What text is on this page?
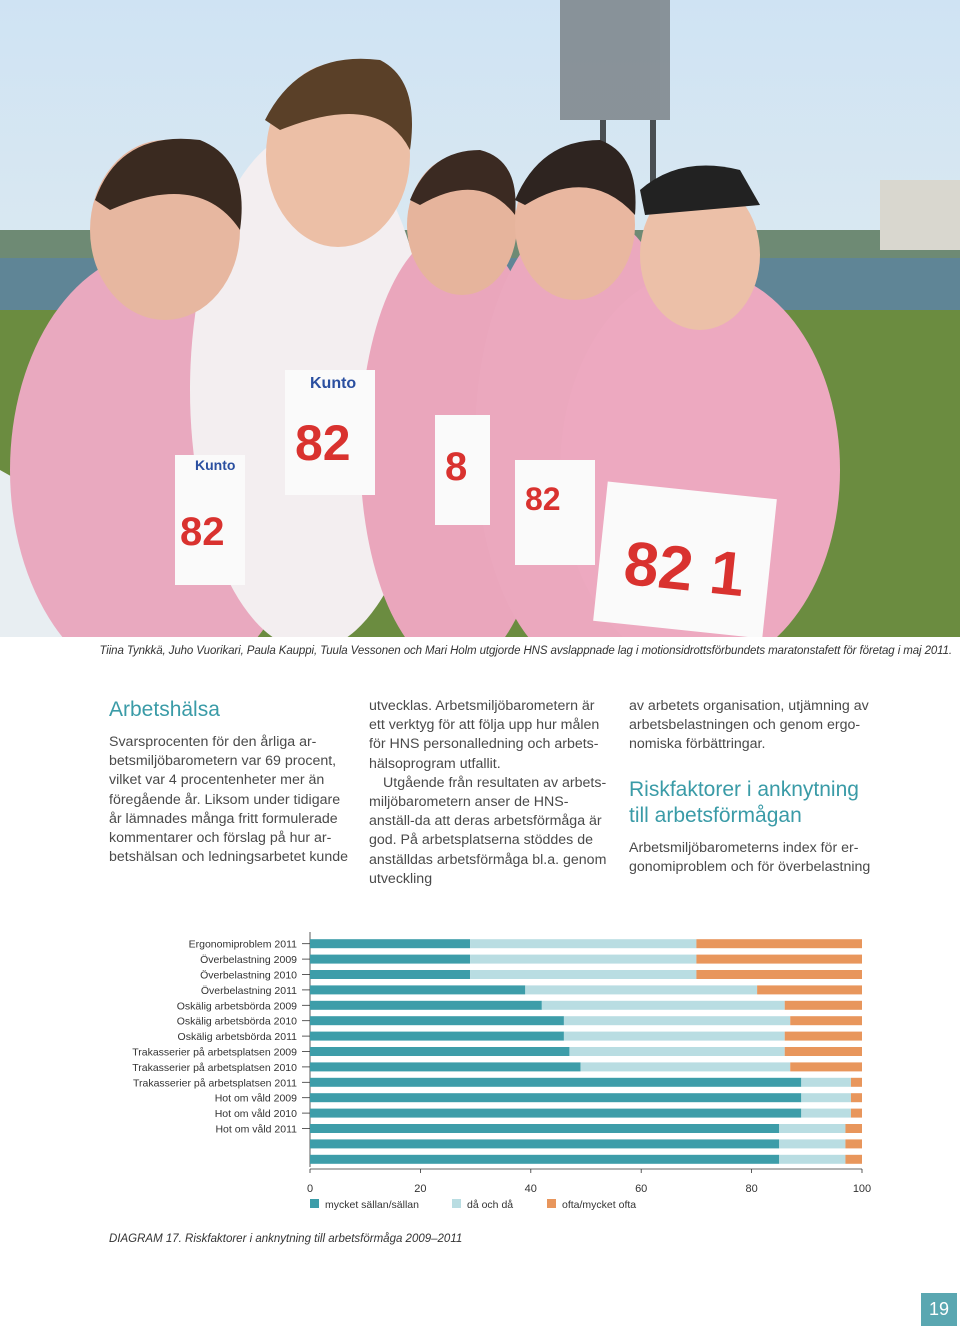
Kunto
82
Kunto
82 8
82
82 1
Tiina Tynkkä, Juho Vuorikari, Paula Kauppi, Tuula Vessonen och Mari Holm utgjorde HNS avslappnade lag i motionsidrottsförbundets maratonstafett för företag i maj 2011.
Arbetshälsa

Svarsprocenten för den årliga ar-betsmiljöbarometern var 69 procent, vilket var 4 procentenheter mer än föregående år. Liksom under tidigare år lämnades många fritt formulerade kommentarer och förslag på hur ar-betshälsan och ledningsarbetet kunde

utvecklas. Arbetsmiljöbarometern är ett verktyg för att följa upp hur målen för HNS personalledning och arbets-hälsoprogram utfallit.

Utgående från resultaten av arbets-miljöbarometern anser de HNS-anställ-da att deras arbetsförmåga är god. På arbetsplatserna stöddes de anställdas arbetsförmåga bl.a. genom utveckling

av arbetets organisation, utjämning av arbetsbelastningen och genom ergo-nomiska förbättringar.

Riskfaktorer i anknytning till arbetsförmågan

Arbetsmiljöbarometerns index för er-gonomiproblem och för överbelastning

Ergonomiproblem 2011
Överbelastning 2009
Överbelastning 2010
Överbelastning 2011
Oskälig arbetsbörda 2009
Oskälig arbetsbörda 2010
Oskälig arbetsbörda 2011
Trakasserier på arbetsplatsen 2009
Trakasserier på arbetsplatsen 2010
Trakasserier på arbetsplatsen 2011
Hot om våld 2009
Hot om våld 2010
Hot om våld 2011
0	20	40	60	80	100
mycket sällan/sällan	då och då	ofta/mycket ofta
DIAGRAM 17. Riskfaktorer i anknytning till arbetsförmåga 2009–2011
19
